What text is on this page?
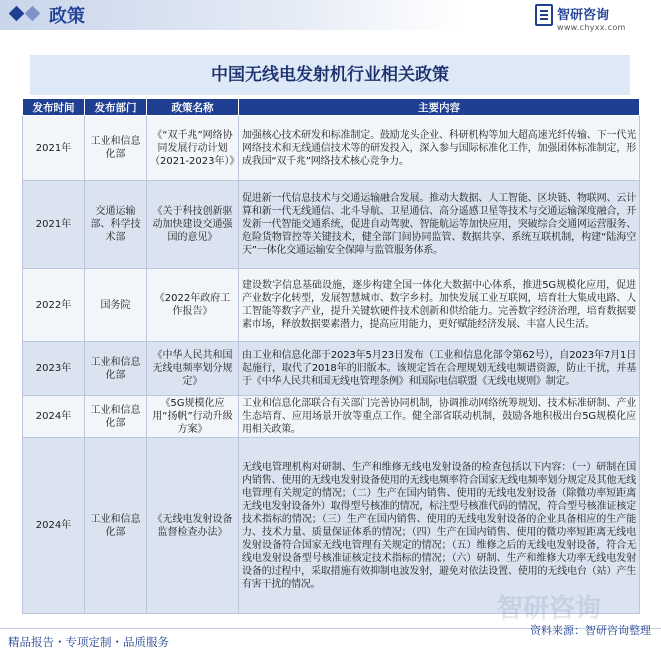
政策	智研咨询
www.chyxx.com
中国无线电发射机行业相关政策
发布时间	发布部门	政策名称	主要内容
2021年	工业和信息化部	《“双千兆”网络协同发展行动计划（2021-2023年）》	加强核心技术研发和标准制定。鼓励龙头企业、科研机构等加大超高速光纤传输、下一代光网络技术和无线通信技术等的研发投入，深入参与国际标准化工作，加强团体标准制定，形成我国“双千兆”网络技术核心竞争力。
2021年	交通运输部、科学技术部	《关于科技创新驱动加快建设交通强国的意见》	促进新一代信息技术与交通运输融合发展。推动大数据、人工智能、区块链、物联网、云计算和新一代无线通信、北斗导航、卫星通信、高分遥感卫星等技术与交通运输深度融合，开发新一代智能交通系统，促进自动驾驶、智能航运等加快应用，突破综合交通网运营服务、危险货物管控等关键技术，健全部门间协同监管、数据共享、系统互联机制，构建“陆海空天”一体化交通运输安全保障与监管服务体系。
2022年	国务院	《2022年政府工作报告》	建设数字信息基础设施，逐步构建全国一体化大数据中心体系，推进5G规模化应用，促进产业数字化转型，发展智慧城市、数字乡村。加快发展工业互联网，培育壮大集成电路、人工智能等数字产业，提升关键软硬件技术创新和供给能力。完善数字经济治理，培育数据要素市场，释放数据要素潜力，提高应用能力，更好赋能经济发展、丰富人民生活。
2023年	工业和信息化部	《中华人民共和国无线电频率划分规定》	由工业和信息化部于2023年5月23日发布（工业和信息化部令第62号），自2023年7月1日起施行，取代了2018年的旧版本。该规定旨在合理规划无线电频谱资源，防止干扰，并基于《中华人民共和国无线电管理条例》和国际电信联盟《无线电规则》制定。
2024年	工业和信息化部	《5G规模化应用“扬帆”行动升级方案》	工业和信息化部联合有关部门完善协同机制，协调推动网络统筹规划、技术标准研制、产业生态培育、应用场景开放等重点工作。健全部省联动机制，鼓励各地积极出台5G规模化应用相关政策。
2024年	工业和信息化部	《无线电发射设备监督检查办法》	无线电管理机构对研制、生产和维修无线电发射设备的检查包括以下内容：（一）研制在国内销售、使用的无线电发射设备使用的无线电频率符合国家无线电频率划分规定及其他无线电管理有关规定的情况；（二）生产在国内销售、使用的无线电发射设备（除微功率短距离无线电发射设备外）取得型号核准的情况，标注型号核准代码的情况，符合型号核准证核定技术指标的情况；（三）生产在国内销售、使用的无线电发射设备的企业具备相应的生产能力、技术力量、质量保证体系的情况；（四）生产在国内销售、使用的微功率短距离无线电发射设备符合国家无线电管理有关规定的情况；（五）维修之后的无线电发射设备，符合无线电发射设备型号核准证核定技术指标的情况；（六）研制、生产和维修大功率无线电发射设备的过程中，采取措施有效抑制电波发射，避免对依法设置、使用的无线电台（站）产生有害干扰的情况。
智研咨询
精品报告・专项定制・品质服务
资料来源：智研咨询整理
